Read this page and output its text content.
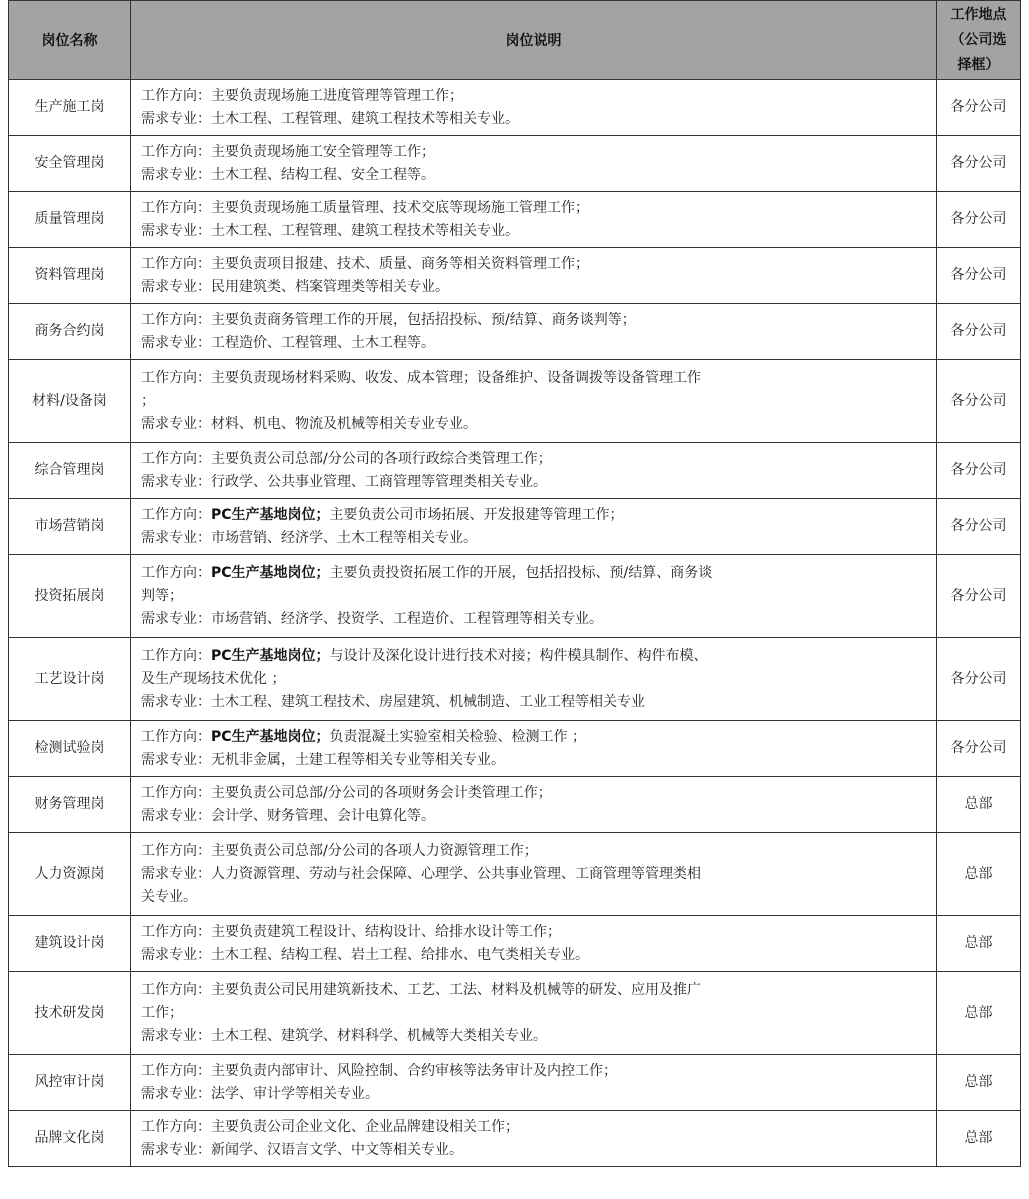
岗位名称	岗位说明	工作地点
（公司选
择框）

生产施工岗	工作方向：主要负责现场施工进度管理等管理工作；
需求专业：土木工程、工程管理、建筑工程技术等相关专业。	各分公司
安全管理岗	工作方向：主要负责现场施工安全管理等工作；
需求专业：土木工程、结构工程、安全工程等。	各分公司
质量管理岗	工作方向：主要负责现场施工质量管理、技术交底等现场施工管理工作；
需求专业：土木工程、工程管理、建筑工程技术等相关专业。	各分公司
资料管理岗	工作方向：主要负责项目报建、技术、质量、商务等相关资料管理工作；
需求专业：民用建筑类、档案管理类等相关专业。	各分公司
商务合约岗	工作方向：主要负责商务管理工作的开展，包括招投标、预/结算、商务谈判等；
需求专业：工程造价、工程管理、土木工程等。	各分公司
材料/设备岗	工作方向：主要负责现场材料采购、收发、成本管理；设备维护、设备调拨等设备管理工作
；
需求专业：材料、机电、物流及机械等相关专业专业。	各分公司
综合管理岗	工作方向：主要负责公司总部/分公司的各项行政综合类管理工作；
需求专业：行政学、公共事业管理、工商管理等管理类相关专业。	各分公司
市场营销岗	工作方向：PC生产基地岗位；主要负责公司市场拓展、开发报建等管理工作；
需求专业：市场营销、经济学、土木工程等相关专业。	各分公司
投资拓展岗	工作方向：PC生产基地岗位；主要负责投资拓展工作的开展，包括招投标、预/结算、商务谈
判等；
需求专业：市场营销、经济学、投资学、工程造价、工程管理等相关专业。	各分公司
工艺设计岗	工作方向：PC生产基地岗位；与设计及深化设计进行技术对接；构件模具制作、构件布模、
及生产现场技术优化 ；
需求专业：土木工程、建筑工程技术、房屋建筑、机械制造、工业工程等相关专业	各分公司
检测试验岗	工作方向：PC生产基地岗位；负责混凝土实验室相关检验、检测工作 ；
需求专业：无机非金属，土建工程等相关专业等相关专业。	各分公司
财务管理岗	工作方向：主要负责公司总部/分公司的各项财务会计类管理工作；
需求专业：会计学、财务管理、会计电算化等。	总部
人力资源岗	工作方向：主要负责公司总部/分公司的各项人力资源管理工作；
需求专业：人力资源管理、劳动与社会保障、心理学、公共事业管理、工商管理等管理类相
关专业。	总部
建筑设计岗	工作方向：主要负责建筑工程设计、结构设计、给排水设计等工作；
需求专业：土木工程、结构工程、岩土工程、给排水、电气类相关专业。	总部
技术研发岗	工作方向：主要负责公司民用建筑新技术、工艺、工法、材料及机械等的研发、应用及推广
工作；
需求专业：土木工程、建筑学、材料科学、机械等大类相关专业。	总部
风控审计岗	工作方向：主要负责内部审计、风险控制、合约审核等法务审计及内控工作；
需求专业：法学、审计学等相关专业。	总部
品牌文化岗	工作方向：主要负责公司企业文化、企业品牌建设相关工作；
需求专业：新闻学、汉语言文学、中文等相关专业。	总部
